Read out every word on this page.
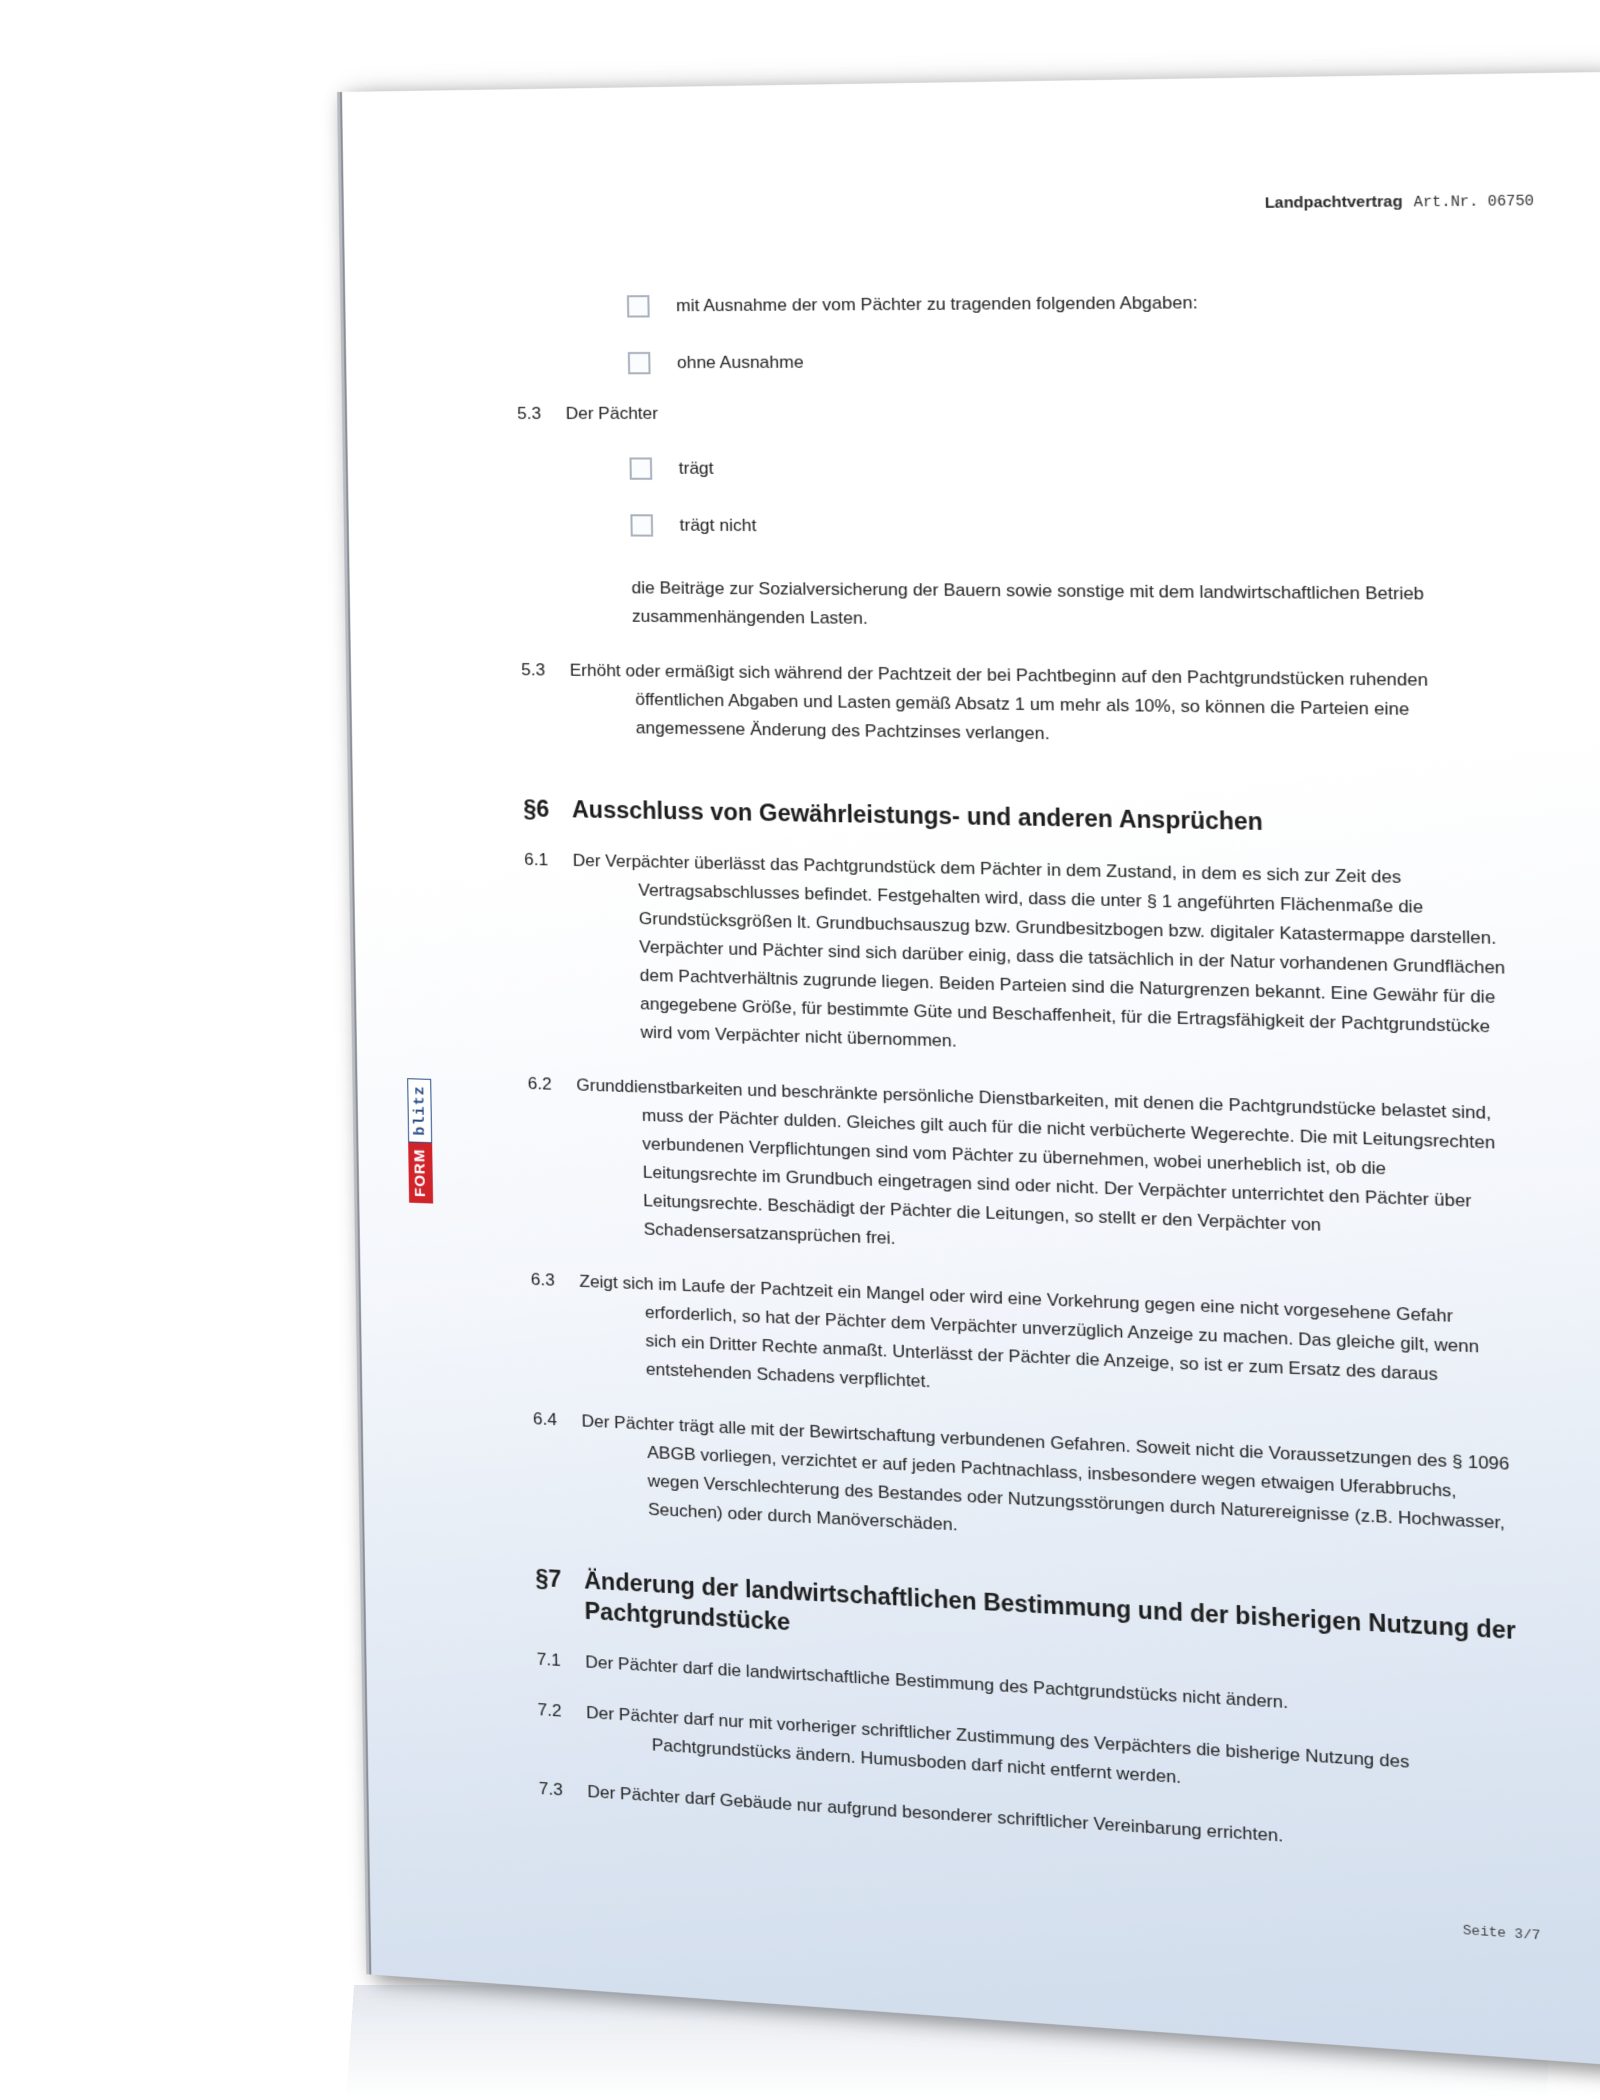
Landpachtvertrag Art.Nr. 06750
FORM
blitz
mit Ausnahme der vom Pächter zu tragenden folgenden Abgaben:
ohne Ausnahme
5.3	Der Pächter
trägt
trägt nicht
die Beiträge zur Sozialversicherung der Bauern sowie sonstige mit dem landwirtschaftlichen Betrieb zusammenhängenden Lasten.
5.3	Erhöht oder ermäßigt sich während der Pachtzeit der bei Pachtbeginn auf den Pachtgrundstücken ruhenden öffentlichen Abgaben und Lasten gemäß Absatz 1 um mehr als 10%, so können die Parteien eine angemessene Änderung des Pachtzinses verlangen.
§6 Ausschluss von Gewährleistungs- und anderen Ansprüchen
6.1	Der Verpächter überlässt das Pachtgrundstück dem Pächter in dem Zustand, in dem es sich zur Zeit des Vertragsabschlusses befindet. Festgehalten wird, dass die unter § 1 angeführten Flächenmaße die Grundstücksgrößen lt. Grundbuchsauszug bzw. Grundbesitzbogen bzw. digitaler Katastermappe darstellen. Verpächter und Pächter sind sich darüber einig, dass die tatsächlich in der Natur vorhandenen Grundflächen dem Pachtverhältnis zugrunde liegen. Beiden Parteien sind die Naturgrenzen bekannt. Eine Gewähr für die angegebene Größe, für bestimmte Güte und Beschaffenheit, für die Ertragsfähigkeit der Pachtgrundstücke wird vom Verpächter nicht übernommen.
6.2	Grunddienstbarkeiten und beschränkte persönliche Dienstbarkeiten, mit denen die Pachtgrundstücke belastet sind, muss der Pächter dulden. Gleiches gilt auch für die nicht verbücherte Wegerechte. Die mit Leitungsrechten verbundenen Verpflichtungen sind vom Pächter zu übernehmen, wobei unerheblich ist, ob die Leitungsrechte im Grundbuch eingetragen sind oder nicht. Der Verpächter unterrichtet den Pächter über Leitungsrechte. Beschädigt der Pächter die Leitungen, so stellt er den Verpächter von Schadensersatzansprüchen frei.
6.3	Zeigt sich im Laufe der Pachtzeit ein Mangel oder wird eine Vorkehrung gegen eine nicht vorgesehene Gefahr erforderlich, so hat der Pächter dem Verpächter unverzüglich Anzeige zu machen. Das gleiche gilt, wenn sich ein Dritter Rechte anmaßt. Unterlässt der Pächter die Anzeige, so ist er zum Ersatz des daraus entstehenden Schadens verpflichtet.
6.4	Der Pächter trägt alle mit der Bewirtschaftung verbundenen Gefahren. Soweit nicht die Voraussetzungen des § 1096 ABGB vorliegen, verzichtet er auf jeden Pachtnachlass, insbesondere wegen etwaigen Uferabbruchs, wegen Verschlechterung des Bestandes oder Nutzungsstörungen durch Naturereignisse (z.B. Hochwasser, Seuchen) oder durch Manöverschäden.
§7 Änderung der landwirtschaftlichen Bestimmung und der bisherigen Nutzung der Pachtgrundstücke
7.1	Der Pächter darf die landwirtschaftliche Bestimmung des Pachtgrundstücks nicht ändern.
7.2	Der Pächter darf nur mit vorheriger schriftlicher Zustimmung des Verpächters die bisherige Nutzung des Pachtgrundstücks ändern. Humusboden darf nicht entfernt werden.
7.3	Der Pächter darf Gebäude nur aufgrund besonderer schriftlicher Vereinbarung errichten.
Seite 3/7
